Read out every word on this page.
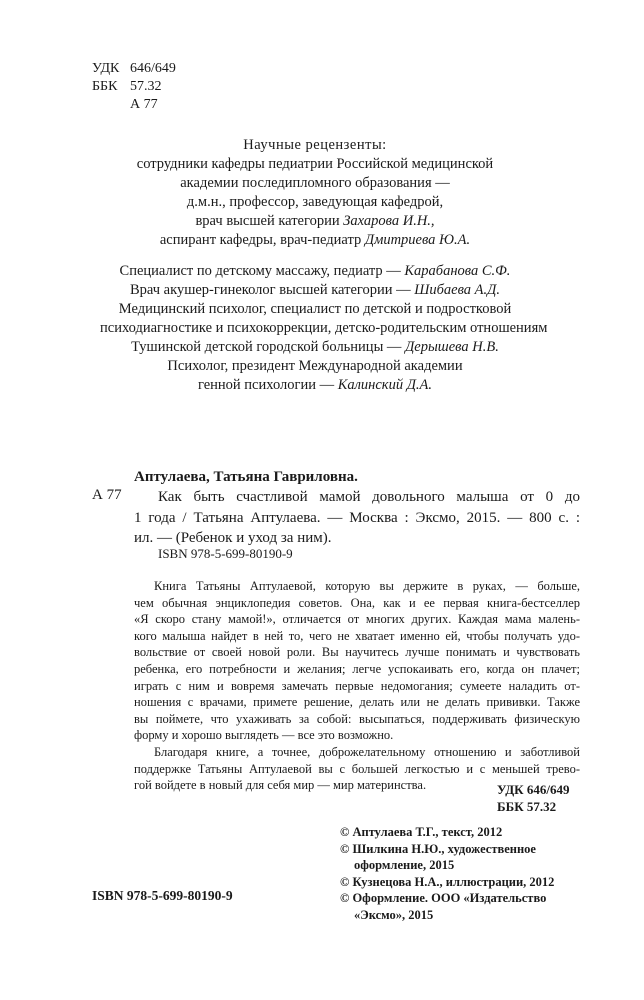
УДК 646/649
ББК 57.32
А 77
Научные рецензенты:
сотрудники кафедры педиатрии Российской медицинской
академии последипломного образования —
д.м.н., профессор, заведующая кафедрой,
врач высшей категории Захарова И.Н.,
аспирант кафедры, врач-педиатр Дмитриева Ю.А.
Специалист по детскому массажу, педиатр — Карабанова С.Ф.
Врач акушер-гинеколог высшей категории — Шибаева А.Д.
Медицинский психолог, специалист по детской и подростковой
психодиагностике и психокоррекции, детско-родительским отношениям
Тушинской детской городской больницы — Дерышева Н.В.
Психолог, президент Международной академии
генной психологии — Калинский Д.А.
Аптулаева, Татьяна Гавриловна.
А 77	Как быть счастливой мамой довольного малыша от 0 до
1 года / Татьяна Аптулаева. — Москва : Эксмо, 2015. — 800 с. :
ил. — (Ребенок и уход за ним).
ISBN 978-5-699-80190-9

Книга Татьяны Аптулаевой, которую вы держите в руках, — больше,
чем обычная энциклопедия советов. Она, как и ее первая книга-бестселлер
«Я скоро стану мамой!», отличается от многих других. Каждая мама малень-
кого малыша найдет в ней то, чего не хватает именно ей, чтобы получать удо-
вольствие от своей новой роли. Вы научитесь лучше понимать и чувствовать
ребенка, его потребности и желания; легче успокаивать его, когда он плачет;
играть с ним и вовремя замечать первые недомогания; сумеете наладить от-
ношения с врачами, примете решение, делать или не делать прививки. Также
вы поймете, что ухаживать за собой: высыпаться, поддерживать физическую
форму и хорошо выглядеть — все это возможно.

Благодаря книге, а точнее, доброжелательному отношению и заботливой
поддержке Татьяны Аптулаевой вы с большей легкостью и с меньшей трево-
гой войдете в новый для себя мир — мир материнства.	УДК 646/649
ББК 57.32
© Аптулаева Т.Г., текст, 2012
© Шилкина Н.Ю., художественное
оформление, 2015
© Кузнецова Н.А., иллюстрации, 2012
© Оформление. ООО «Издательство
«Эксмо», 2015
ISBN 978-5-699-80190-9
